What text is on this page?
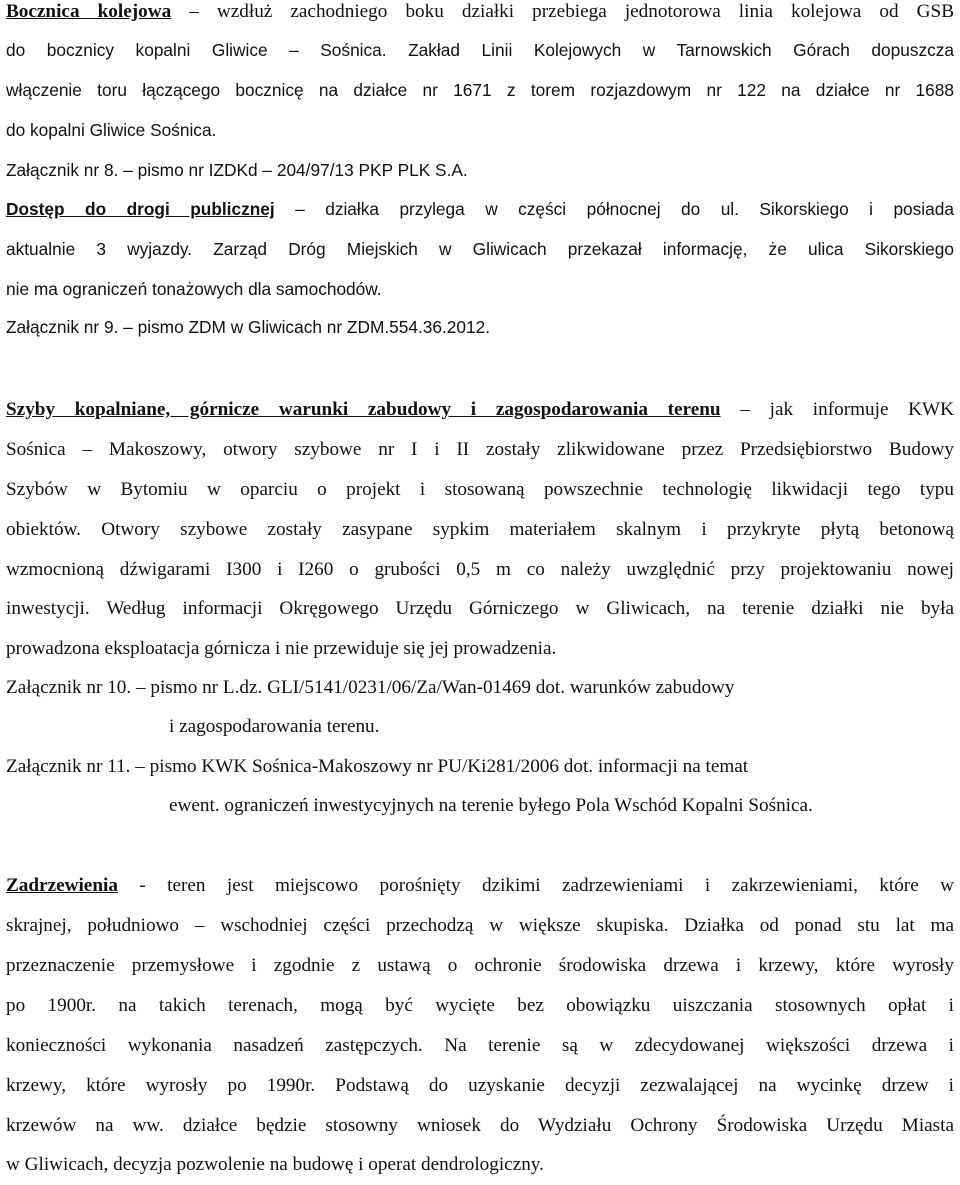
Bocznica kolejowa – wzdłuż zachodniego boku działki przebiega jednotorowa linia kolejowa od GSB
do bocznicy kopalni Gliwice – Sośnica. Zakład Linii Kolejowych w Tarnowskich Górach dopuszcza
włączenie toru łączącego bocznicę na działce nr 1671 z torem rozjazdowym nr 122 na działce nr 1688
do kopalni Gliwice Sośnica.
Załącznik nr 8. – pismo nr IZDKd – 204/97/13 PKP PLK S.A.
Dostęp do drogi publicznej – działka przylega w części północnej do ul. Sikorskiego i posiada
aktualnie 3 wyjazdy. Zarząd Dróg Miejskich w Gliwicach przekazał informację, że ulica Sikorskiego
nie ma ograniczeń tonażowych dla samochodów.
Załącznik nr 9. – pismo ZDM w Gliwicach nr ZDM.554.36.2012.
Szyby kopalniane, górnicze warunki zabudowy i zagospodarowania terenu – jak informuje KWK
Sośnica – Makoszowy, otwory szybowe nr I i II zostały zlikwidowane przez Przedsiębiorstwo Budowy
Szybów w Bytomiu w oparciu o projekt i stosowaną powszechnie technologię likwidacji tego typu
obiektów. Otwory szybowe zostały zasypane sypkim materiałem skalnym i przykryte płytą betonową
wzmocnioną dźwigarami I300 i I260 o grubości 0,5 m co należy uwzględnić przy projektowaniu nowej
inwestycji. Według informacji Okręgowego Urzędu Górniczego w Gliwicach, na terenie działki nie była
prowadzona eksploatacja górnicza i nie przewiduje się jej prowadzenia.
Załącznik nr 10. – pismo nr L.dz. GLI/5141/0231/06/Za/Wan-01469 dot. warunków zabudowy
i zagospodarowania terenu.
Załącznik nr 11. – pismo KWK Sośnica-Makoszowy nr PU/Ki281/2006 dot. informacji na temat
ewent. ograniczeń inwestycyjnych na terenie byłego Pola Wschód Kopalni Sośnica.
Zadrzewienia - teren jest miejscowo porośnięty dzikimi zadrzewieniami i zakrzewieniami, które w
skrajnej, południowo – wschodniej części przechodzą w większe skupiska. Działka od ponad stu lat ma
przeznaczenie przemysłowe i zgodnie z ustawą o ochronie środowiska drzewa i krzewy, które wyrosły
po 1900r. na takich terenach, mogą być wycięte bez obowiązku uiszczania stosownych opłat i
konieczności wykonania nasadzeń zastępczych. Na terenie są w zdecydowanej większości drzewa i
krzewy, które wyrosły po 1990r. Podstawą do uzyskanie decyzji zezwalającej na wycinkę drzew i
krzewów na ww. działce będzie stosowny wniosek do Wydziału Ochrony Środowiska Urzędu Miasta
w Gliwicach, decyzja pozwolenie na budowę i operat dendrologiczny.
